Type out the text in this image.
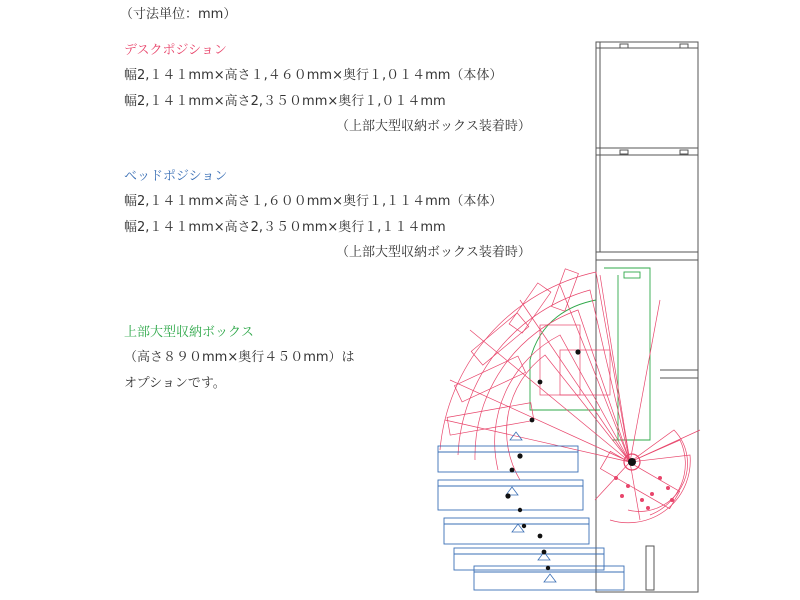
（寸法単位：mm）
デスクポジション
幅2,１４１mm×高さ１,４６０mm×奥行１,０１４mm（本体）
幅2,１４１mm×高さ2,３５０mm×奥行１,０１４mm
（上部大型収納ボックス装着時）
ベッドポジション
幅2,１４１mm×高さ１,６００mm×奥行１,１１４mm（本体）
幅2,１４１mm×高さ2,３５０mm×奥行１,１１４mm
（上部大型収納ボックス装着時）
上部大型収納ボックス
（高さ８９０mm×奥行４５０mm）は
オプションです。
